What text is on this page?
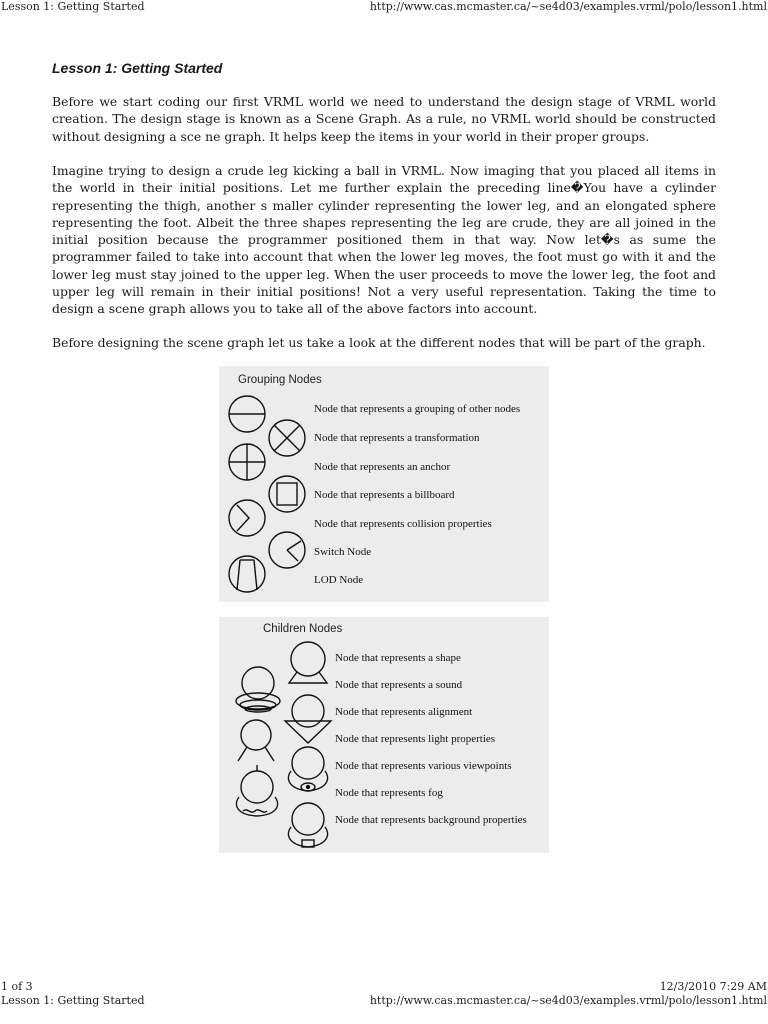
Lesson 1: Getting Started	http://www.cas.mcmaster.ca/~se4d03/examples.vrml/polo/lesson1.html
Lesson 1: Getting Started
Before we start coding our first VRML world we need to understand the design stage of VRML world creation. The design stage is known as a Scene Graph. As a rule, no VRML world should be constructed without designing a sce ne graph. It helps keep the items in your world in their proper groups.
Imagine trying to design a crude leg kicking a ball in VRML. Now imaging that you placed all items in the world in their initial positions. Let me further explain the preceding line�You have a cylinder representing the thigh, another s maller cylinder representing the lower leg, and an elongated sphere representing the foot. Albeit the three shapes representing the leg are crude, they are all joined in the initial position because the programmer positioned them in that way. Now let�s as sume the programmer failed to take into account that when the lower leg moves, the foot must go with it and the lower leg must stay joined to the upper leg. When the user proceeds to move the lower leg, the foot and upper leg will remain in their initial positions! Not a very useful representation. Taking the time to design a scene graph allows you to take all of the above factors into account.
Before designing the scene graph let us take a look at the different nodes that will be part of the graph.
Grouping Nodes
Node that represents a grouping of other nodes
Node that represents a transformation
Node that represents an anchor
Node that represents a billboard
Node that represents collision properties
Switch Node
LOD Node
Children Nodes
Node that represents a shape
Node that represents a sound
Node that represents alignment
Node that represents light properties
Node that represents various viewpoints
Node that represents fog
Node that represents background properties
1 of 3	12/3/2010 7:29 AM
Lesson 1: Getting Started	http://www.cas.mcmaster.ca/~se4d03/examples.vrml/polo/lesson1.html
